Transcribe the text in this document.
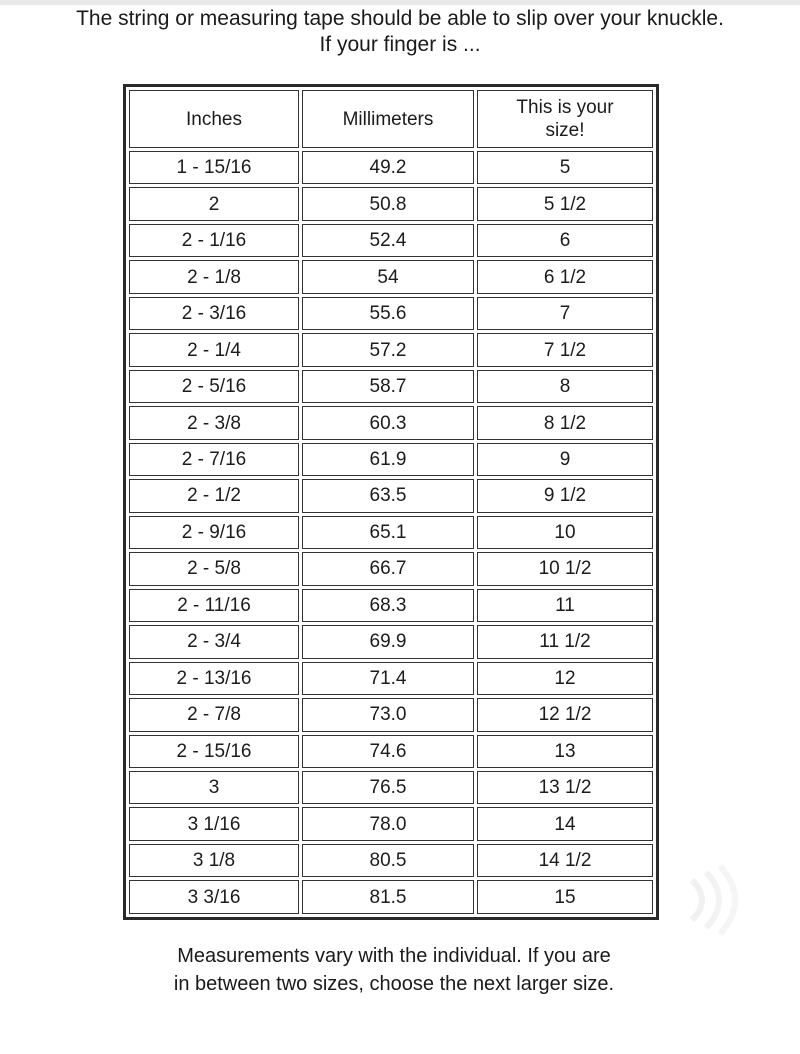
The string or measuring tape should be able to slip over your knuckle.
If your finger is ...
Inches	Millimeters	This is your size!

1 - 15/16	49.2	5
2	50.8	5 1/2
2 - 1/16	52.4	6
2 - 1/8	54	6 1/2
2 - 3/16	55.6	7
2 - 1/4	57.2	7 1/2
2 - 5/16	58.7	8
2 - 3/8	60.3	8 1/2
2 - 7/16	61.9	9
2 - 1/2	63.5	9 1/2
2 - 9/16	65.1	10
2 - 5/8	66.7	10 1/2
2 - 11/16	68.3	11
2 - 3/4	69.9	11 1/2
2 - 13/16	71.4	12
2 - 7/8	73.0	12 1/2
2 - 15/16	74.6	13
3	76.5	13 1/2
3 1/16	78.0	14
3 1/8	80.5	14 1/2
3 3/16	81.5	15
Measurements vary with the individual. If you are
in between two sizes, choose the next larger size.
